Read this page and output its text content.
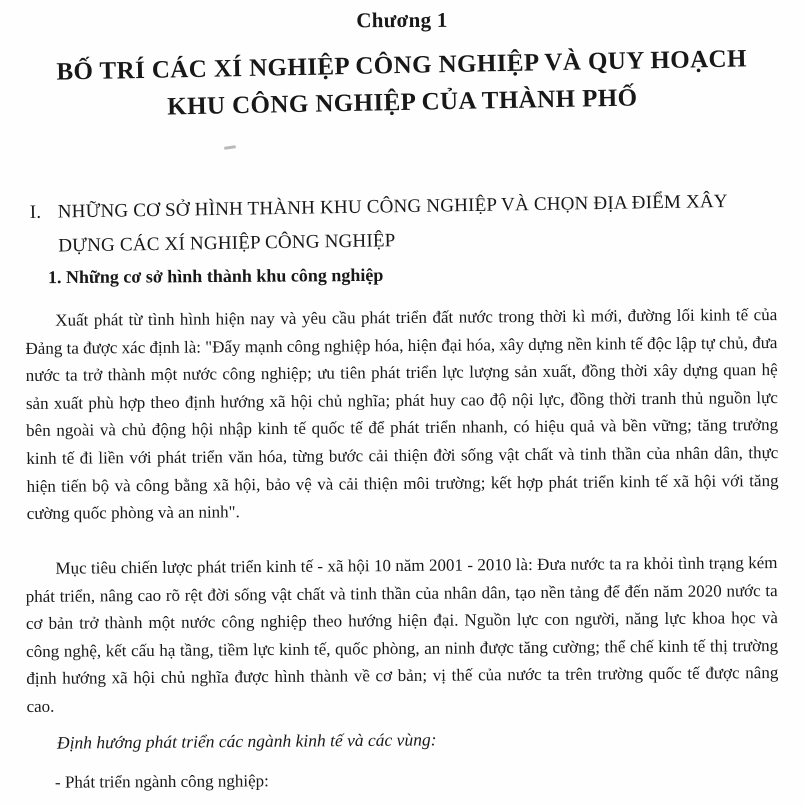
Chương 1
BỐ TRÍ CÁC XÍ NGHIỆP CÔNG NGHIỆP VÀ QUY HOẠCH
KHU CÔNG NGHIỆP CỦA THÀNH PHỐ
I. NHỮNG CƠ SỞ HÌNH THÀNH KHU CÔNG NGHIỆP VÀ CHỌN ĐỊA ĐIỂM XÂY DỰNG CÁC XÍ NGHIỆP CÔNG NGHIỆP
1. Những cơ sở hình thành khu công nghiệp

Xuất phát từ tình hình hiện nay và yêu cầu phát triển đất nước trong thời kì mới, đường lối kinh tế của Đảng ta được xác định là: "Đẩy mạnh công nghiệp hóa, hiện đại hóa, xây dựng nền kinh tế độc lập tự chủ, đưa nước ta trở thành một nước công nghiệp; ưu tiên phát triển lực lượng sản xuất, đồng thời xây dựng quan hệ sản xuất phù hợp theo định hướng xã hội chủ nghĩa; phát huy cao độ nội lực, đồng thời tranh thủ nguồn lực bên ngoài và chủ động hội nhập kinh tế quốc tế để phát triển nhanh, có hiệu quả và bền vững; tăng trưởng kinh tế đi liền với phát triển văn hóa, từng bước cải thiện đời sống vật chất và tinh thần của nhân dân, thực hiện tiến bộ và công bằng xã hội, bảo vệ và cải thiện môi trường; kết hợp phát triển kinh tế xã hội với tăng cường quốc phòng và an ninh".

Mục tiêu chiến lược phát triển kinh tế - xã hội 10 năm 2001 - 2010 là: Đưa nước ta ra khỏi tình trạng kém phát triển, nâng cao rõ rệt đời sống vật chất và tinh thần của nhân dân, tạo nền tảng để đến năm 2020 nước ta cơ bản trở thành một nước công nghiệp theo hướng hiện đại. Nguồn lực con người, năng lực khoa học và công nghệ, kết cấu hạ tầng, tiềm lực kinh tế, quốc phòng, an ninh được tăng cường; thể chế kinh tế thị trường định hướng xã hội chủ nghĩa được hình thành về cơ bản; vị thế của nước ta trên trường quốc tế được nâng cao.

Định hướng phát triển các ngành kinh tế và các vùng:

- Phát triển ngành công nghiệp:
